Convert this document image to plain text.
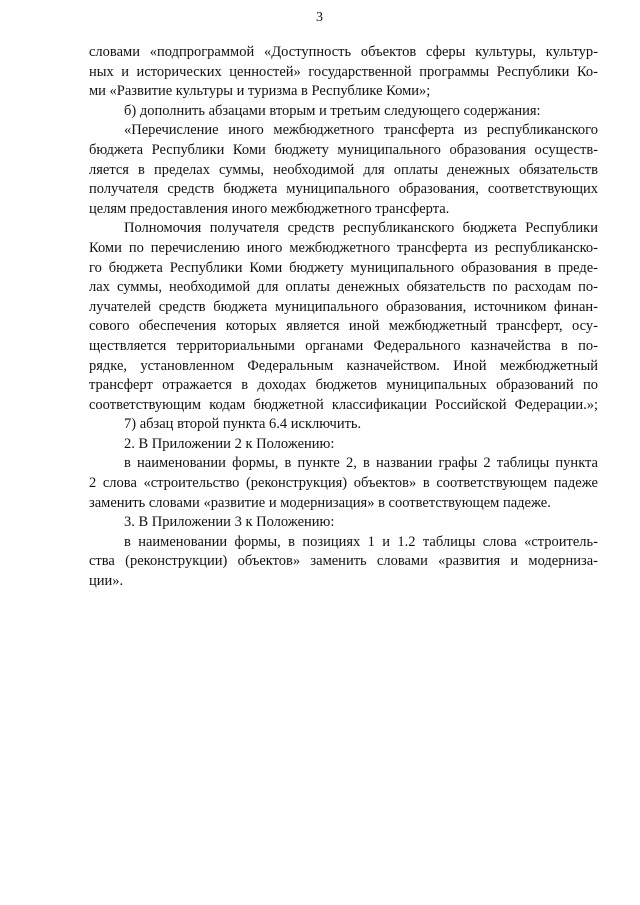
3
словами «подпрограммой «Доступность объектов сферы культуры, культур-
ных и исторических ценностей» государственной программы Республики Ко-
ми «Развитие культуры и туризма в Республике Коми»;
б) дополнить абзацами вторым и третьим следующего содержания:
«Перечисление иного межбюджетного трансферта из республиканского
бюджета Республики Коми бюджету муниципального образования осуществ-
ляется в пределах суммы, необходимой для оплаты денежных обязательств
получателя средств бюджета муниципального образования, соответствующих
целям предоставления иного межбюджетного трансферта.
Полномочия получателя средств республиканского бюджета Республики
Коми по перечислению иного межбюджетного трансферта из республиканско-
го бюджета Республики Коми бюджету муниципального образования в преде-
лах суммы, необходимой для оплаты денежных обязательств по расходам по-
лучателей средств бюджета муниципального образования, источником финан-
сового обеспечения которых является иной межбюджетный трансферт, осу-
ществляется территориальными органами Федерального казначейства в по-
рядке, установленном Федеральным казначейством. Иной межбюджетный
трансферт отражается в доходах бюджетов муниципальных образований по
соответствующим кодам бюджетной классификации Российской Федерации.»;
7) абзац второй пункта 6.4 исключить.
2. В Приложении 2 к Положению:
в наименовании формы, в пункте 2, в названии графы 2 таблицы пункта
2 слова «строительство (реконструкция) объектов» в соответствующем падеже
заменить словами «развитие и модернизация» в соответствующем падеже.
3. В Приложении 3 к Положению:
в наименовании формы, в позициях 1 и 1.2 таблицы слова «строитель-
ства (реконструкции) объектов» заменить словами «развития и модерниза-
ции».
